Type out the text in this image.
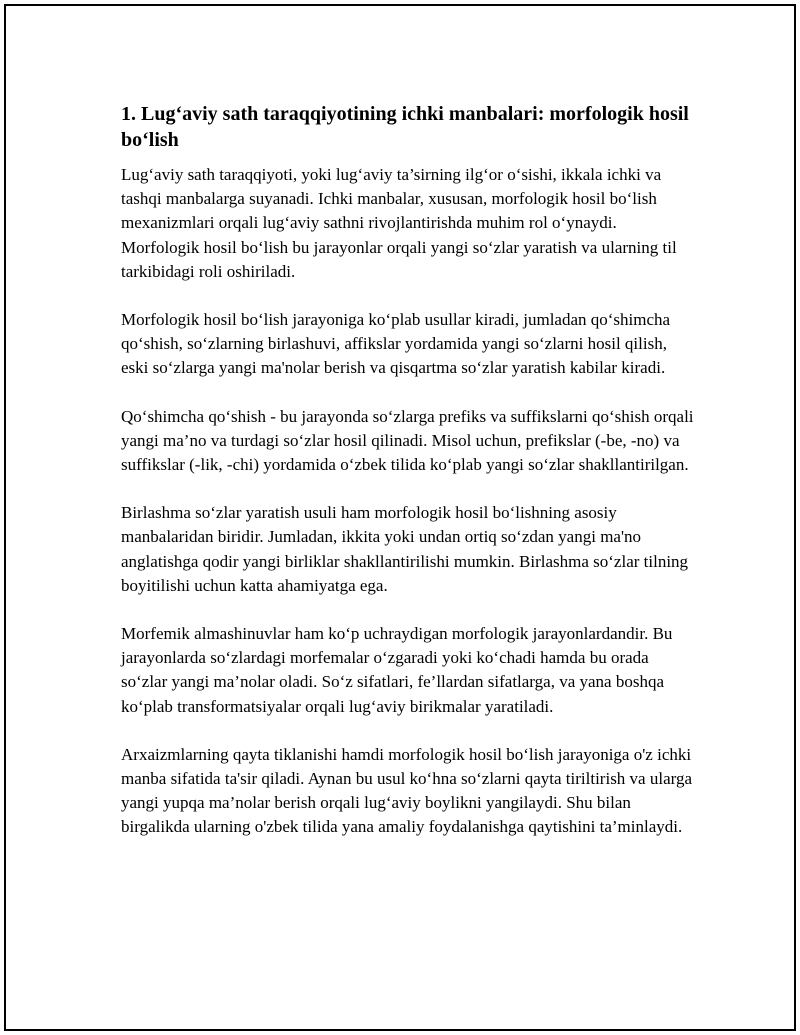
1. Lug‘aviy sath taraqqiyotining ichki manbalari: morfologik hosil bo‘lish

Lug‘aviy sath taraqqiyoti, yoki lug‘aviy ta’sirning ilg‘or o‘sishi, ikkala ichki va tashqi manbalarga suyanadi. Ichki manbalar, xususan, morfologik hosil bo‘lish mexanizmlari orqali lug‘aviy sathni rivojlantirishda muhim rol o‘ynaydi. Morfologik hosil bo‘lish bu jarayonlar orqali yangi so‘zlar yaratish va ularning til tarkibidagi roli oshiriladi.

Morfologik hosil bo‘lish jarayoniga ko‘plab usullar kiradi, jumladan qo‘shimcha qo‘shish, so‘zlarning birlashuvi, affikslar yordamida yangi so‘zlarni hosil qilish, eski so‘zlarga yangi ma'nolar berish va qisqartma so‘zlar yaratish kabilar kiradi.

Qo‘shimcha qo‘shish - bu jarayonda so‘zlarga prefiks va suffikslarni qo‘shish orqali yangi ma’no va turdagi so‘zlar hosil qilinadi. Misol uchun, prefikslar (-be, -no) va suffikslar (-lik, -chi) yordamida o‘zbek tilida ko‘plab yangi so‘zlar shakllantirilgan.

Birlashma so‘zlar yaratish usuli ham morfologik hosil bo‘lishning asosiy manbalaridan biridir. Jumladan, ikkita yoki undan ortiq so‘zdan yangi ma'no anglatishga qodir yangi birliklar shakllantirilishi mumkin. Birlashma so‘zlar tilning boyitilishi uchun katta ahamiyatga ega.

Morfemik almashinuvlar ham ko‘p uchraydigan morfologik jarayonlardandir. Bu jarayonlarda so‘zlardagi morfemalar o‘zgaradi yoki ko‘chadi hamda bu orada so‘zlar yangi ma’nolar oladi. So‘z sifatlari, fe’llardan sifatlarga, va yana boshqa ko‘plab transformatsiyalar orqali lug‘aviy birikmalar yaratiladi.

Arxaizmlarning qayta tiklanishi hamdi morfologik hosil bo‘lish jarayoniga o'z ichki manba sifatida ta'sir qiladi. Aynan bu usul ko‘hna so‘zlarni qayta tiriltirish va ularga yangi yupqa ma’nolar berish orqali lug‘aviy boylikni yangilaydi. Shu bilan birgalikda ularning o'zbek tilida yana amaliy foydalanishga qaytishini ta’minlaydi.
